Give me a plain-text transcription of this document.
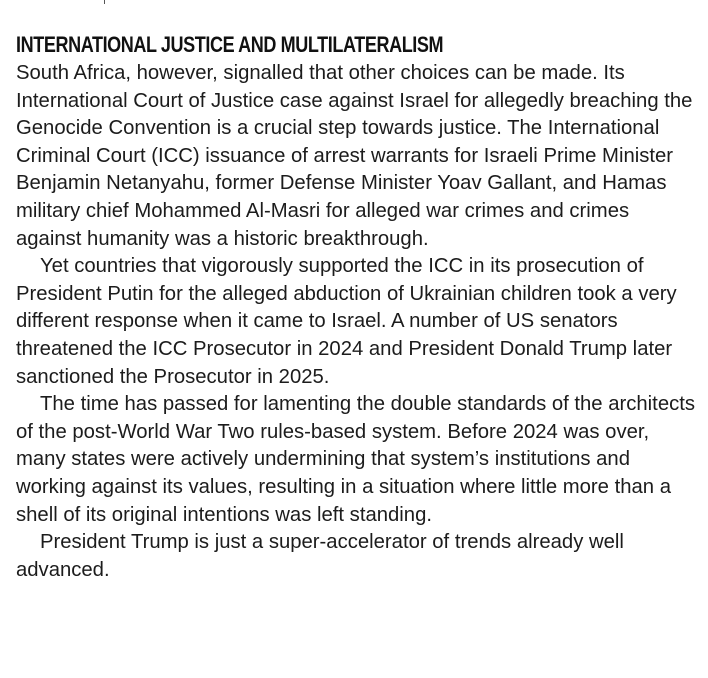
INTERNATIONAL JUSTICE AND MULTILATERALISM

South Africa, however, signalled that other choices can be made. Its International Court of Justice case against Israel for allegedly breaching the Genocide Convention is a crucial step towards justice. The International Criminal Court (ICC) issuance of arrest warrants for Israeli Prime Minister Benjamin Netanyahu, former Defense Minister Yoav Gallant, and Hamas military chief Mohammed Al-Masri for alleged war crimes and crimes against humanity was a historic breakthrough.

Yet countries that vigorously supported the ICC in its prosecution of President Putin for the alleged abduction of Ukrainian children took a very different response when it came to Israel. A number of US senators threatened the ICC Prosecutor in 2024 and President Donald Trump later sanctioned the Prosecutor in 2025.

The time has passed for lamenting the double standards of the architects of the post-World War Two rules-based system. Before 2024 was over, many states were actively undermining that system’s institutions and working against its values, resulting in a situation where little more than a shell of its original intentions was left standing.

President Trump is just a super-accelerator of trends already well advanced.
